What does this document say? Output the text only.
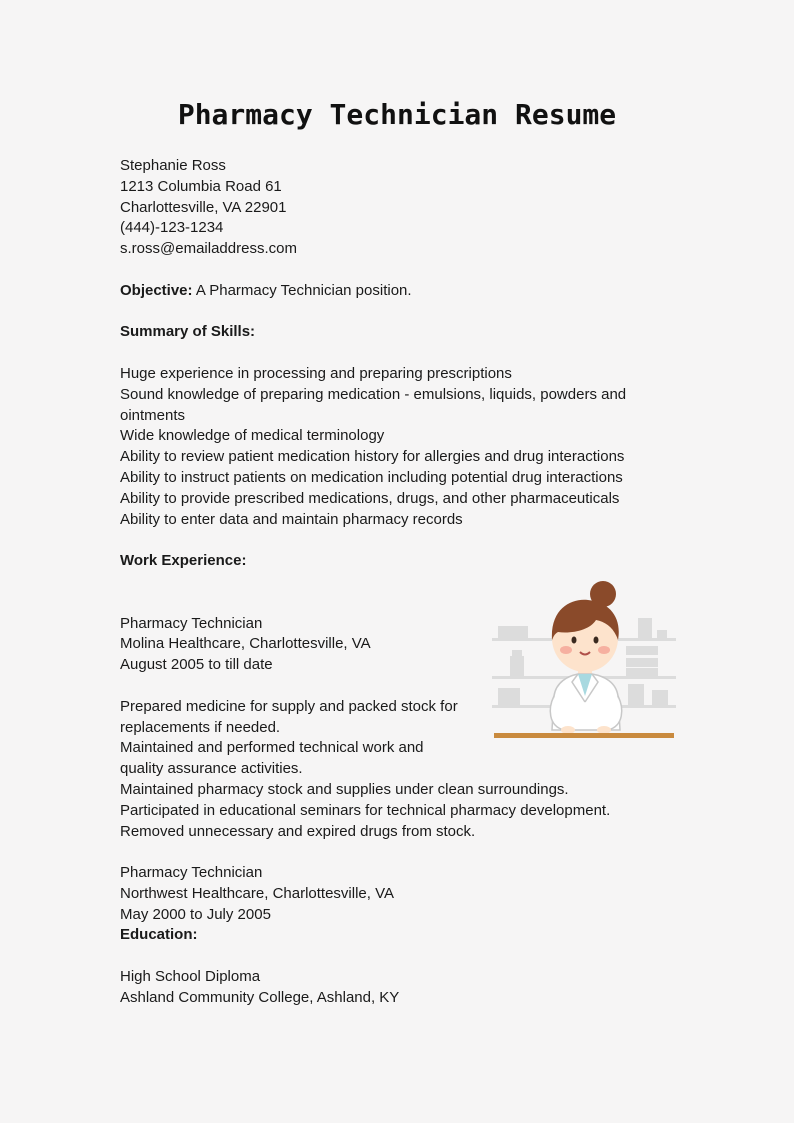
Pharmacy Technician Resume

Stephanie Ross

1213 Columbia Road 61

Charlottesville, VA 22901

(444)-123-1234

s.ross@emailaddress.com

Objective: A Pharmacy Technician position.

Summary of Skills:

Huge experience in processing and preparing prescriptions

Sound knowledge of preparing medication - emulsions, liquids, powders and

ointments

Wide knowledge of medical terminology

Ability to review patient medication history for allergies and drug interactions

Ability to instruct patients on medication including potential drug interactions

Ability to provide prescribed medications, drugs, and other pharmaceuticals

Ability to enter data and maintain pharmacy records

Work Experience:

Pharmacy Technician

Molina Healthcare, Charlottesville, VA

August 2005 to till date

Prepared medicine for supply and packed stock for

replacements if needed.

Maintained and performed technical work and

quality assurance activities.

Maintained pharmacy stock and supplies under clean surroundings.

Participated in educational seminars for technical pharmacy development.

Removed unnecessary and expired drugs from stock.

Pharmacy Technician

Northwest Healthcare, Charlottesville, VA

May 2000 to July 2005

Education:

High School Diploma

Ashland Community College, Ashland, KY
